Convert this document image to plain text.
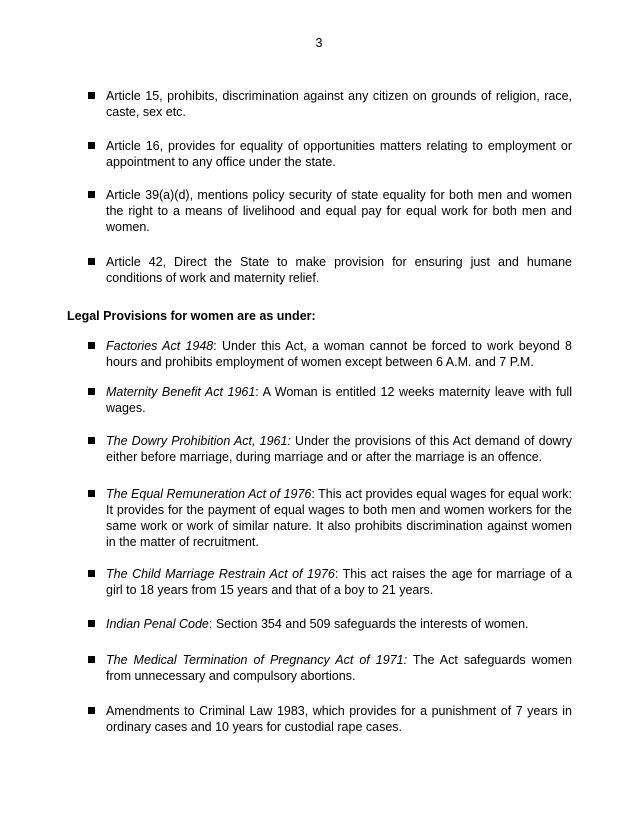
3
Article 15, prohibits, discrimination against any citizen on grounds of religion, race, caste, sex etc.
Article 16, provides for equality of opportunities matters relating to employment or appointment to any office under the state.
Article 39(a)(d), mentions policy security of state equality for both men and women the right to a means of livelihood and equal pay for equal work for both men and women.
Article 42, Direct the State to make provision for ensuring just and humane conditions of work and maternity relief.
Legal Provisions for women are as under:
Factories Act 1948: Under this Act, a woman cannot be forced to work beyond 8 hours and prohibits employment of women except between 6 A.M. and 7 P.M.
Maternity Benefit Act 1961: A Woman is entitled 12 weeks maternity leave with full wages.
The Dowry Prohibition Act, 1961: Under the provisions of this Act demand of dowry either before marriage, during marriage and or after the marriage is an offence.
The Equal Remuneration Act of 1976: This act provides equal wages for equal work: It provides for the payment of equal wages to both men and women workers for the same work or work of similar nature. It also prohibits discrimination against women in the matter of recruitment.
The Child Marriage Restrain Act of 1976: This act raises the age for marriage of a girl to 18 years from 15 years and that of a boy to 21 years.
Indian Penal Code: Section 354 and 509 safeguards the interests of women.
The Medical Termination of Pregnancy Act of 1971: The Act safeguards women from unnecessary and compulsory abortions.
Amendments to Criminal Law 1983, which provides for a punishment of 7 years in ordinary cases and 10 years for custodial rape cases.
